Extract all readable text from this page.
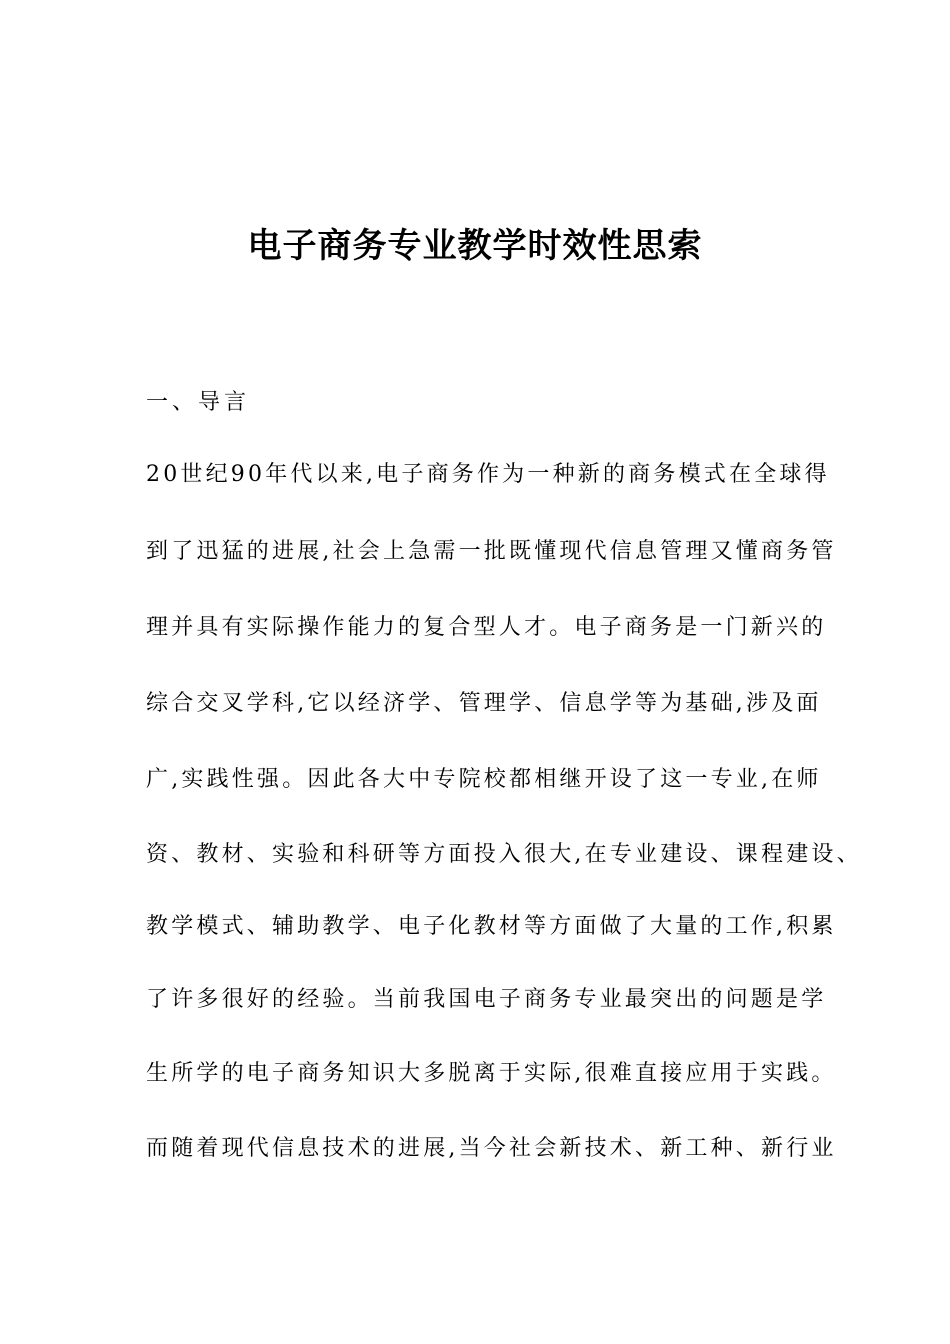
电子商务专业教学时效性思索

一、导言

20世纪90年代以来,电子商务作为一种新的商务模式在全球得

到了迅猛的进展,社会上急需一批既懂现代信息管理又懂商务管

理并具有实际操作能力的复合型人才。电子商务是一门新兴的

综合交叉学科,它以经济学、管理学、信息学等为基础,涉及面

广,实践性强。因此各大中专院校都相继开设了这一专业,在师

资、教材、实验和科研等方面投入很大,在专业建设、课程建设、

教学模式、辅助教学、电子化教材等方面做了大量的工作,积累

了许多很好的经验。当前我国电子商务专业最突出的问题是学

生所学的电子商务知识大多脱离于实际,很难直接应用于实践。

而随着现代信息技术的进展,当今社会新技术、新工种、新行业
